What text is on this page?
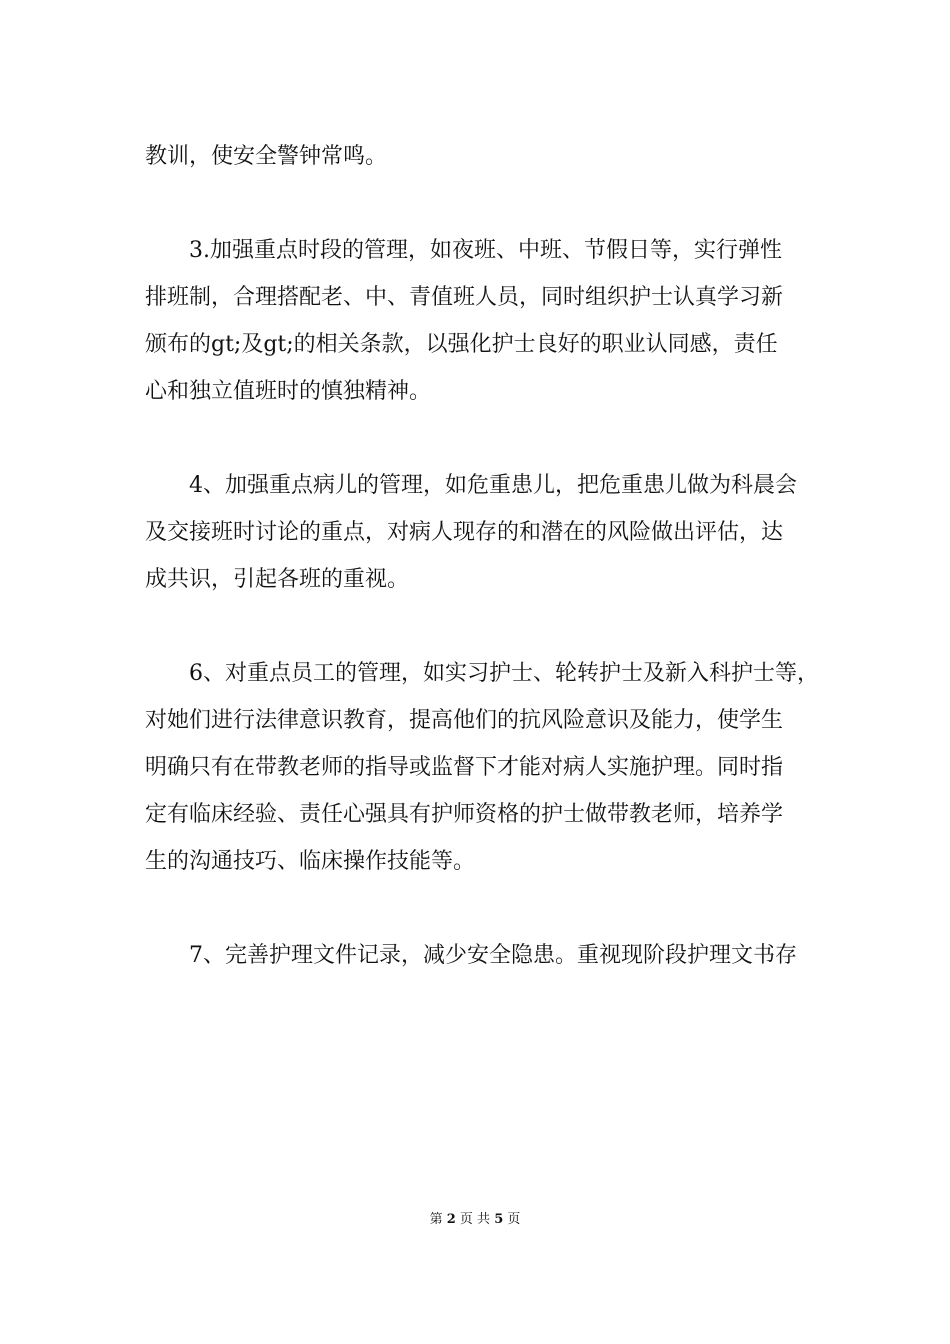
教训，使安全警钟常鸣。

3.加强重点时段的管理，如夜班、中班、节假日等，实行弹性

排班制，合理搭配老、中、青值班人员，同时组织护士认真学习新

颁布的gt;及gt;的相关条款，以强化护士良好的职业认同感，责任

心和独立值班时的慎独精神。

4、加强重点病儿的管理，如危重患儿，把危重患儿做为科晨会

及交接班时讨论的重点，对病人现存的和潜在的风险做出评估，达

成共识，引起各班的重视。

6、对重点员工的管理，如实习护士、轮转护士及新入科护士等，

对她们进行法律意识教育，提高他们的抗风险意识及能力，使学生

明确只有在带教老师的指导或监督下才能对病人实施护理。同时指

定有临床经验、责任心强具有护师资格的护士做带教老师，培养学

生的沟通技巧、临床操作技能等。

7、完善护理文件记录，减少安全隐患。重视现阶段护理文书存

第 2 页 共 5 页
